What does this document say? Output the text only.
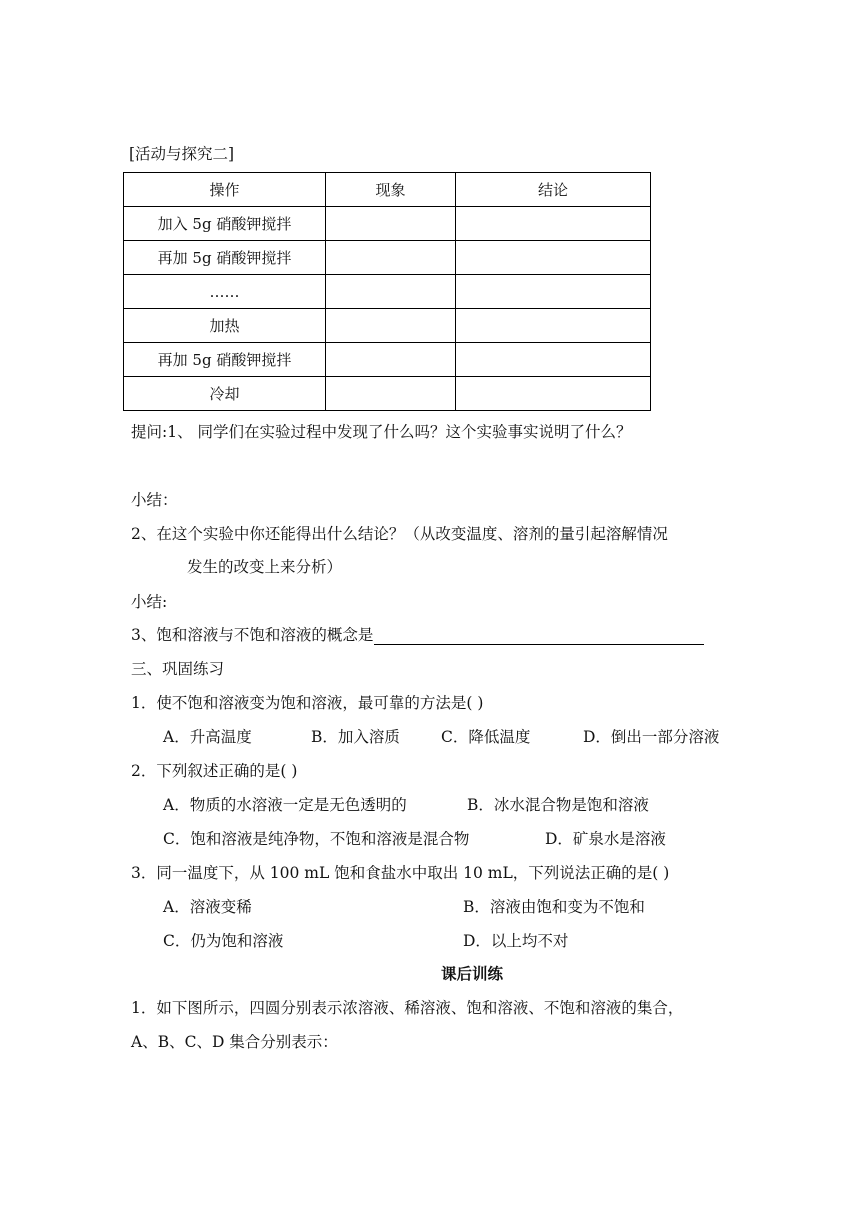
[活动与探究二]
操作	现象	结论
加入 5g 硝酸钾搅拌		
再加 5g 硝酸钾搅拌		
……		
加热		
再加 5g 硝酸钾搅拌		
冷却		
提问:1、 同学们在实验过程中发现了什么吗？这个实验事实说明了什么？
小结：
2、在这个实验中你还能得出什么结论？（从改变温度、溶剂的量引起溶解情况
发生的改变上来分析）
小结:
3、饱和溶液与不饱和溶液的概念是
三、巩固练习
1．使不饱和溶液变为饱和溶液，最可靠的方法是( )
A．升高温度	B．加入溶质	C．降低温度	D．倒出一部分溶液
2．下列叙述正确的是( )
A．物质的水溶液一定是无色透明的	B．冰水混合物是饱和溶液
C．饱和溶液是纯净物，不饱和溶液是混合物	D．矿泉水是溶液
3．同一温度下，从 100 mL 饱和食盐水中取出 10 mL，下列说法正确的是( )
A．溶液变稀	B．溶液由饱和变为不饱和
C．仍为饱和溶液	D．以上均不对
课后训练
1．如下图所示，四圆分别表示浓溶液、稀溶液、饱和溶液、不饱和溶液的集合，
A、B、C、D 集合分别表示：
